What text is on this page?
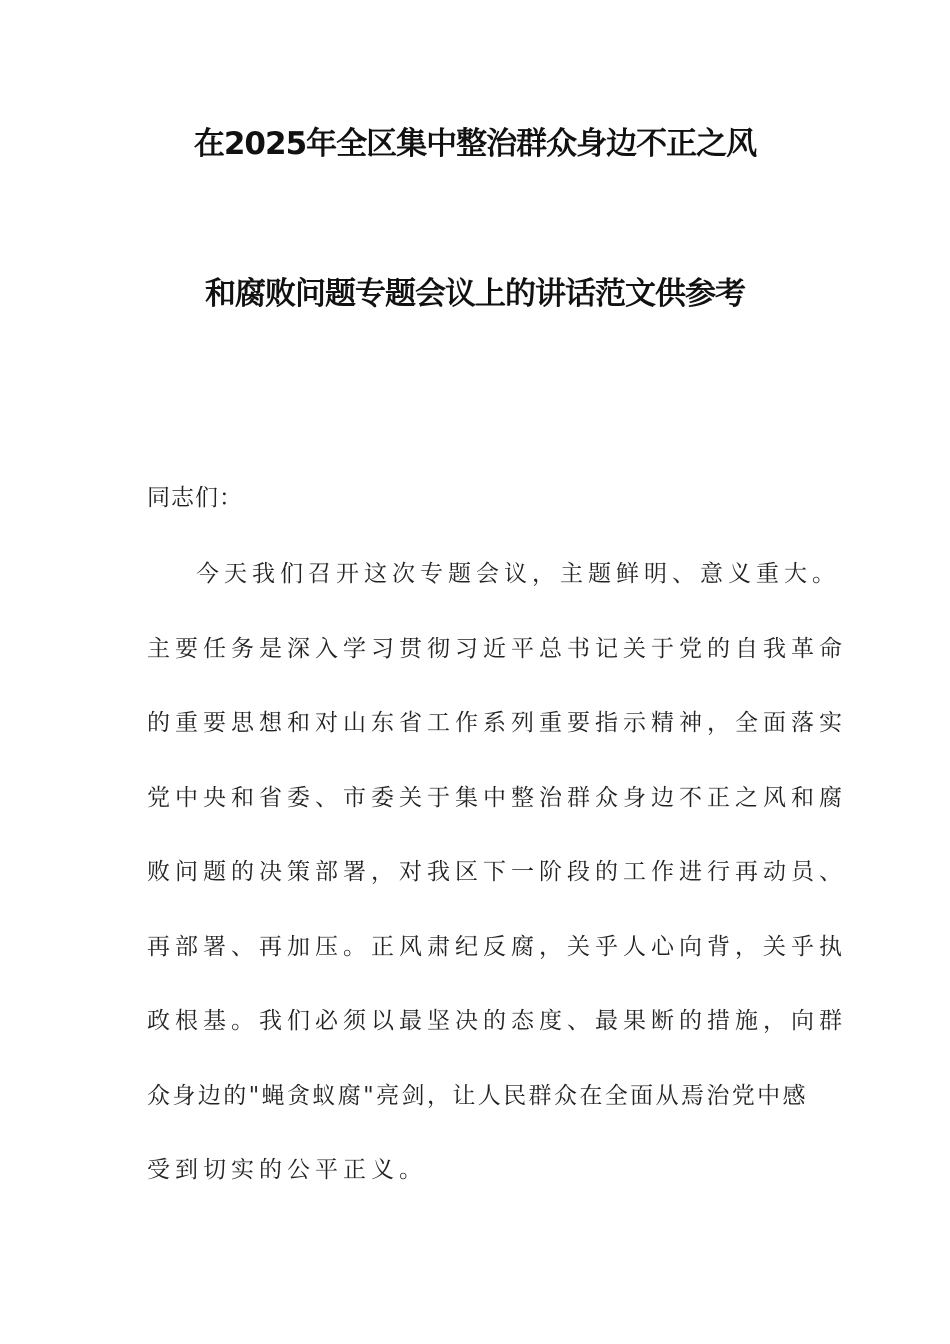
在2025年全区集中整治群众身边不正之风
和腐败问题专题会议上的讲话范文供参考
同志们：
今天我们召开这次专题会议，主题鲜明、意义重大。
主要任务是深入学习贯彻习近平总书记关于党的自我革命
的重要思想和对山东省工作系列重要指示精神，全面落实
党中央和省委、市委关于集中整治群众身边不正之风和腐
败问题的决策部署，对我区下一阶段的工作进行再动员、
再部署、再加压。正风肃纪反腐，关乎人心向背，关乎执
政根基。我们必须以最坚决的态度、最果断的措施，向群
众身边的"蝇贪蚁腐"亮剑，让人民群众在全面从焉治党中感
受到切实的公平正义。
